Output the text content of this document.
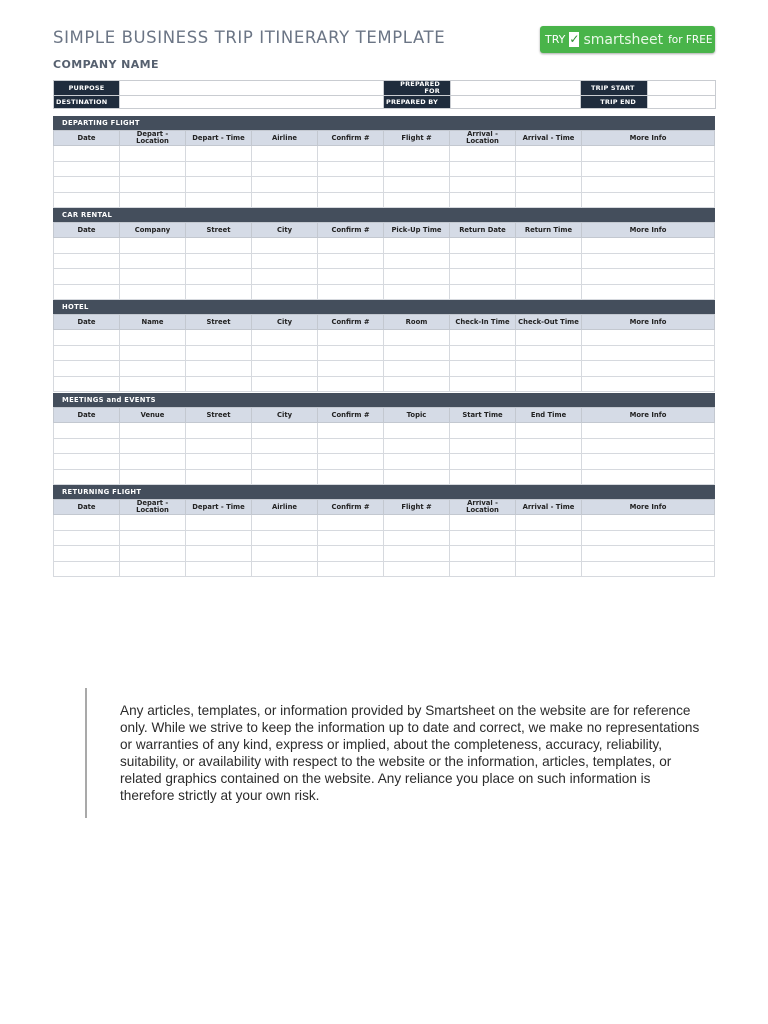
SIMPLE BUSINESS TRIP ITINERARY TEMPLATE
COMPANY NAME
TRY ✓ smartsheet for FREE ☚
PURPOSE		PREPARED FOR		TRIP START	
DESTINATION		PREPARED BY		TRIP END	
DEPARTING FLIGHT
Date	Depart - Location	Depart - Time	Airline	Confirm #	Flight #	Arrival - Location	Arrival - Time	More Info

CAR RENTAL
Date	Company	Street	City	Confirm #	Pick-Up Time	Return Date	Return Time	More Info

HOTEL
Date	Name	Street	City	Confirm #	Room	Check-In Time	Check-Out Time	More Info

MEETINGS and EVENTS
Date	Venue	Street	City	Confirm #	Topic	Start Time	End Time	More Info

RETURNING FLIGHT
Date	Depart - Location	Depart - Time	Airline	Confirm #	Flight #	Arrival - Location	Arrival - Time	More Info

Any articles, templates, or information provided by Smartsheet on the website are for reference only. While we strive to keep the information up to date and correct, we make no representations or warranties of any kind, express or implied, about the completeness, accuracy, reliability, suitability, or availability with respect to the website or the information, articles, templates, or related graphics contained on the website. Any reliance you place on such information is therefore strictly at your own risk.
